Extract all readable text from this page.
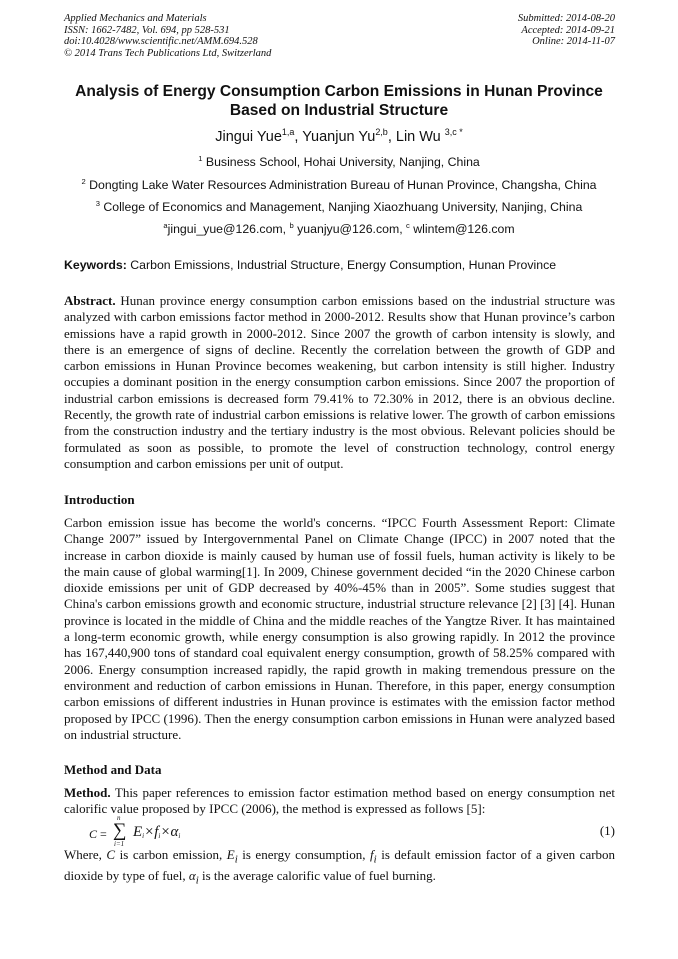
Applied Mechanics and Materials
ISSN: 1662-7482, Vol. 694, pp 528-531
doi:10.4028/www.scientific.net/AMM.694.528
© 2014 Trans Tech Publications Ltd, Switzerland
Submitted: 2014-08-20
Accepted: 2014-09-21
Online: 2014-11-07
Analysis of Energy Consumption Carbon Emissions in Hunan Province
Based on Industrial Structure
Jingui Yue$^{1,a}$, Yuanjun Yu$^{2,b}$, Lin Wu $^{3,c *}$
$^1$ Business School, Hohai University, Nanjing, China
$^2$ Dongting Lake Water Resources Administration Bureau of Hunan Province, Changsha, China
$^3$ College of Economics and Management, Nanjing Xiaozhuang University, Nanjing, China
$^a$jingui_yue@126.com, $^b$ yuanjyu@126.com, $^c$ wlintem@126.com
Keywords: Carbon Emissions, Industrial Structure, Energy Consumption, Hunan Province
Abstract. Hunan province energy consumption carbon emissions based on the industrial structure was analyzed with carbon emissions factor method in 2000-2012. Results show that Hunan province’s carbon emissions have a rapid growth in 2000-2012. Since 2007 the growth of carbon intensity is slowly, and there is an emergence of signs of decline. Recently the correlation between the growth of GDP and carbon emissions in Hunan Province becomes weakening, but carbon intensity is still higher. Industry occupies a dominant position in the energy consumption carbon emissions. Since 2007 the proportion of industrial carbon emissions is decreased form 79.41% to 72.30% in 2012, there is an obvious decline. Recently, the growth rate of industrial carbon emissions is relative lower. The growth of carbon emissions from the construction industry and the tertiary industry is the most obvious. Relevant policies should be formulated as soon as possible, to promote the level of construction technology, control energy consumption and carbon emissions per unit of output.
Introduction
Carbon emission issue has become the world's concerns. “IPCC Fourth Assessment Report: Climate Change 2007” issued by Intergovernmental Panel on Climate Change (IPCC) in 2007 noted that the increase in carbon dioxide is mainly caused by human use of fossil fuels, human activity is likely to be the main cause of global warming[1]. In 2009, Chinese government decided “in the 2020 Chinese carbon dioxide emissions per unit of GDP decreased by 40%-45% than in 2005”. Some studies suggest that China's carbon emissions growth and economic structure, industrial structure relevance [2] [3] [4]. Hunan province is located in the middle of China and the middle reaches of the Yangtze River. It has maintained a long-term economic growth, while energy consumption is also growing rapidly. In 2012 the province has 167,440,900 tons of standard coal equivalent energy consumption, growth of 58.25% compared with 2006. Energy consumption increased rapidly, the rapid growth in making tremendous pressure on the environment and reduction of carbon emissions in Hunan. Therefore, in this paper, energy consumption carbon emissions of different industries in Hunan province is estimates with the emission factor method proposed by IPCC (1996). Then the energy consumption carbon emissions in Hunan were analyzed based on industrial structure.
Method and Data
Method. This paper references to emission factor estimation method based on energy consumption net calorific value proposed by IPCC (2006), the method is expressed as follows [5]:
C =
n
∑
i=1
Ei×fi×αi	(1)
Where, C is carbon emission, $E_i$ is energy consumption, $f_i$ is default emission factor of a given carbon dioxide by type of fuel, $\alpha_i$ is the average calorific value of fuel burning.
